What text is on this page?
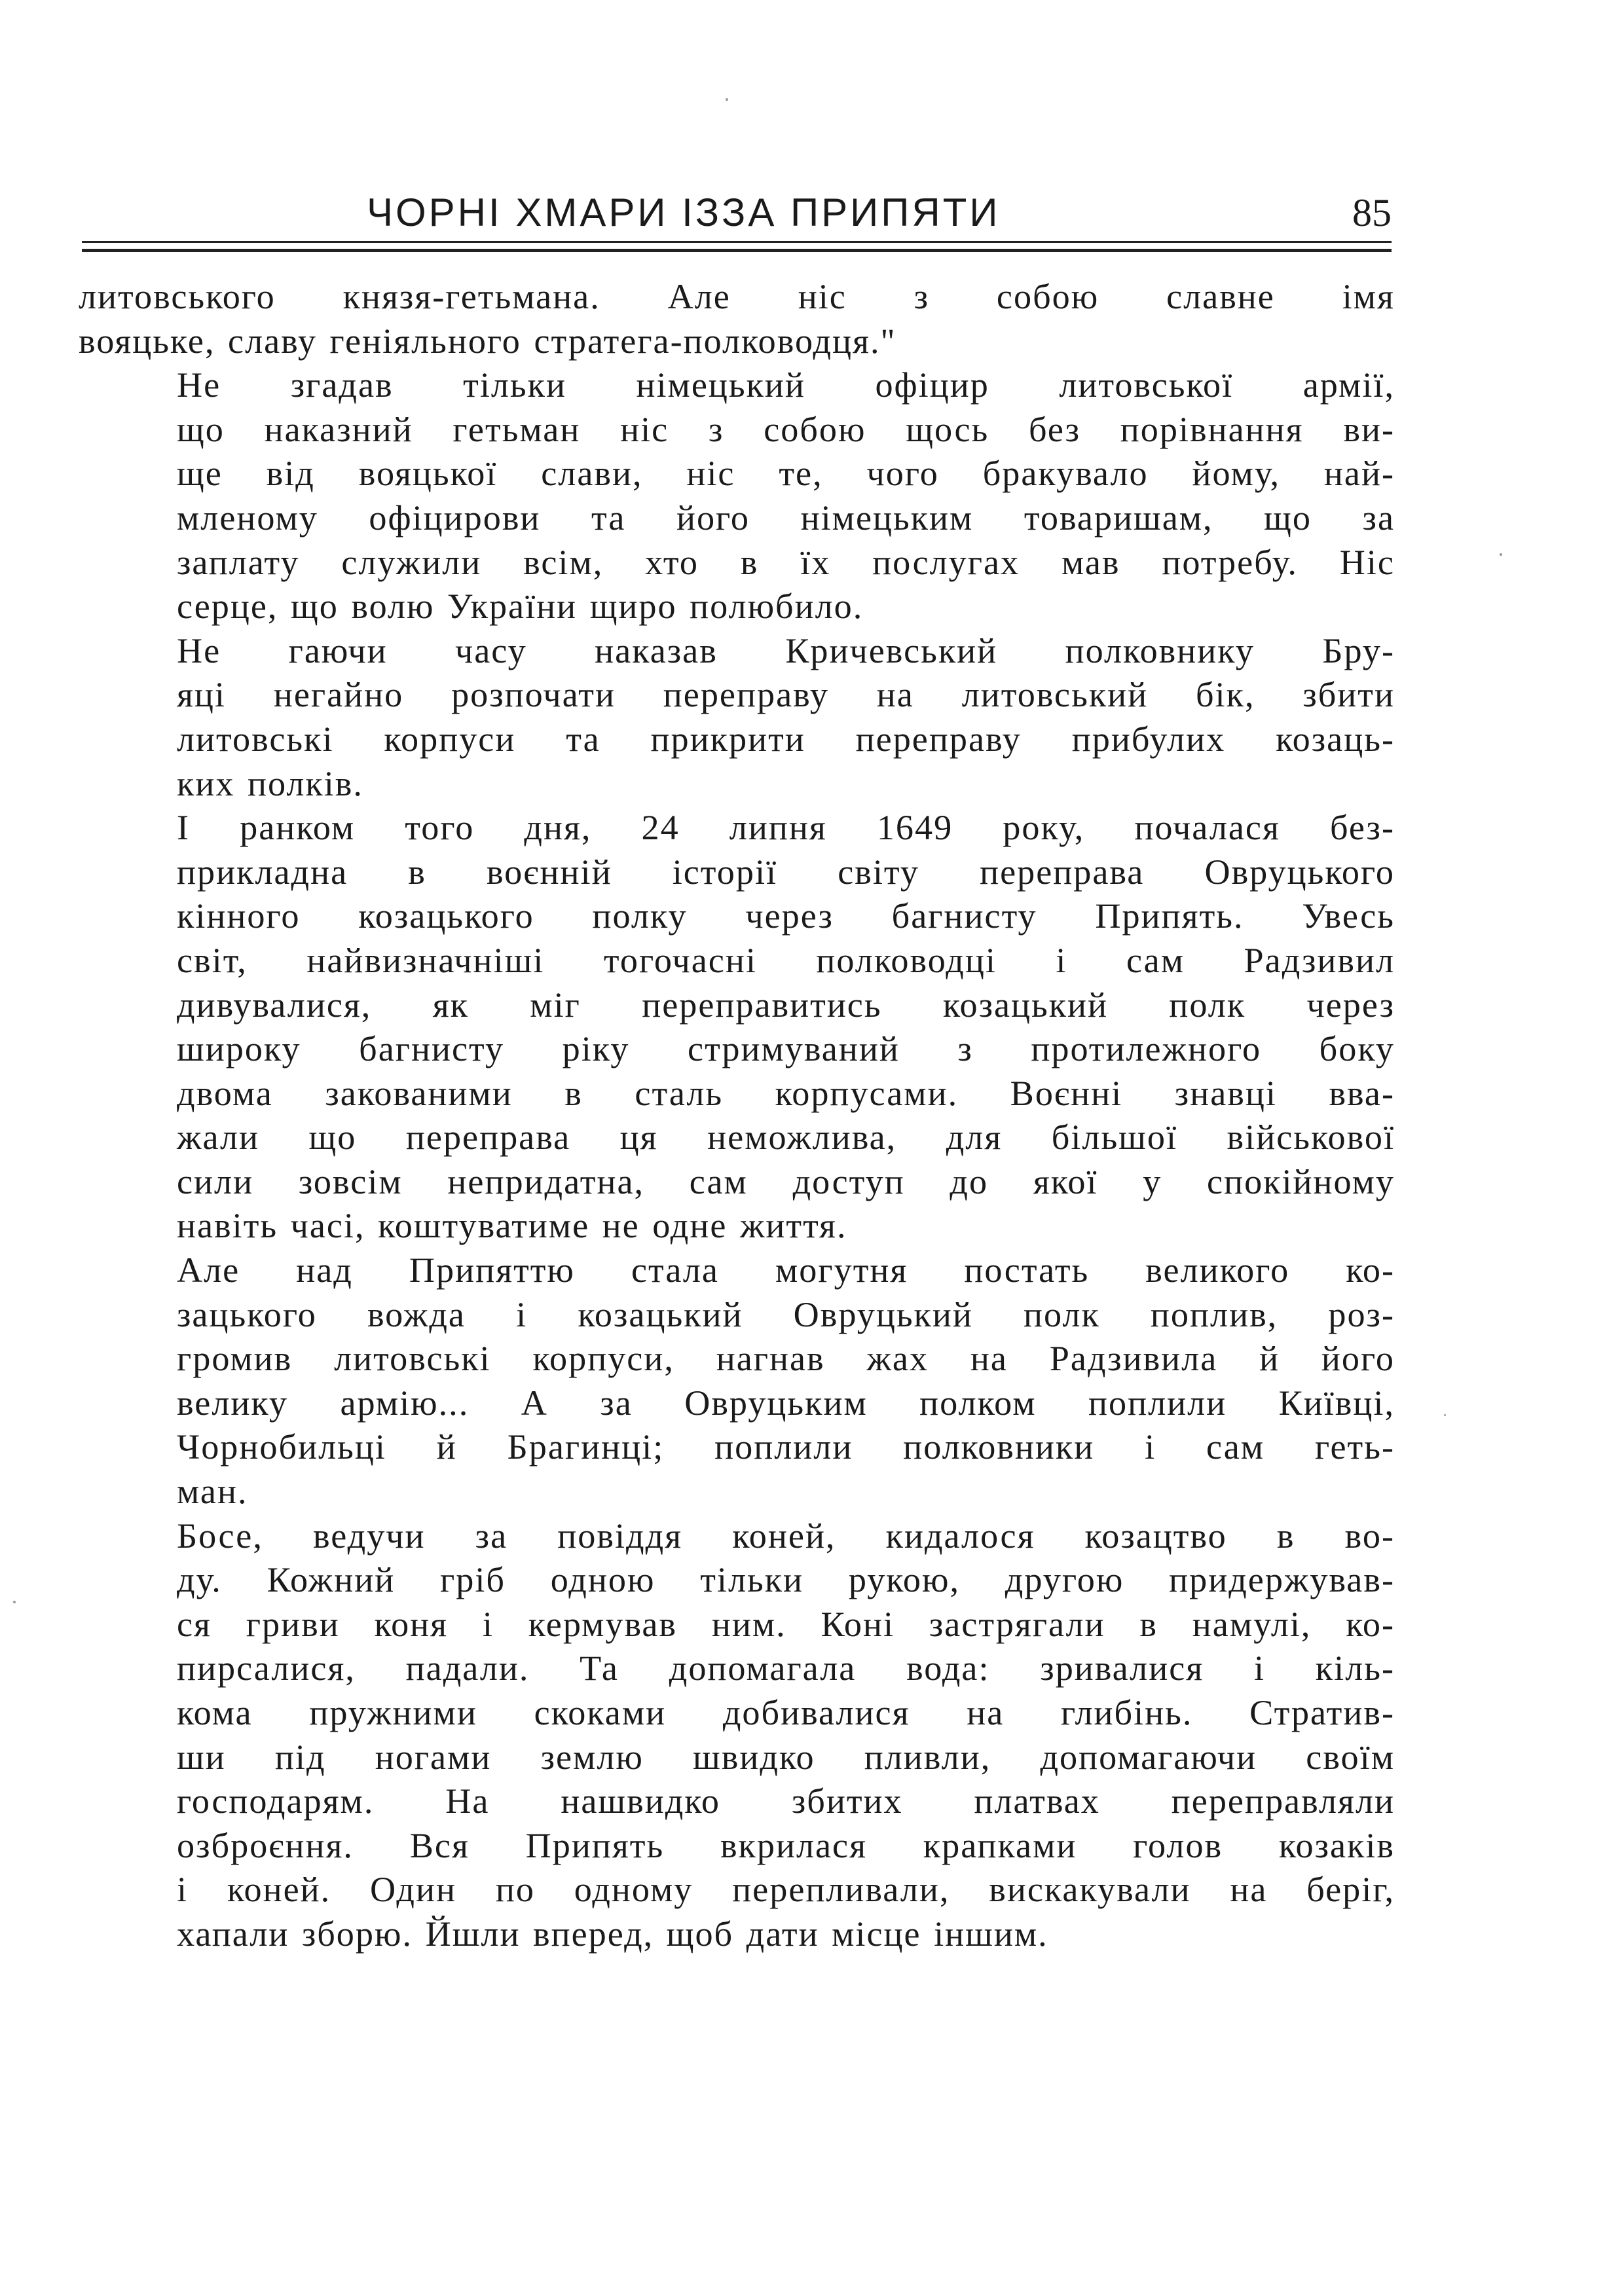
ЧОРНІ ХМАРИ ІЗЗА ПРИПЯТИ	85

литовського князя-гетьмана. Але ніс з собою славне імя
вояцьке, славу геніяльного стратега-полководця."

Не згадав тільки німецький офіцир литовської армії,
що наказний гетьман ніс з собою щось без порівнання ви-
ще від вояцької слави, ніс те, чого бракувало йому, най-
мленому офіцирови та його німецьким товаришам, що за
заплату служили всім, хто в їх послугах мав потребу. Ніс
серце, що волю України щиро полюбило.

Не гаючи часу наказав Кричевський полковнику Бру-
яці негайно розпочати переправу на литовський бік, збити
литовські корпуси та прикрити переправу прибулих козаць-
ких полків.

І ранком того дня, 24 липня 1649 року, почалася без-
прикладна в воєнній історії світу переправа Овруцького
кінного козацького полку через багнисту Припять. Увесь
світ, найвизначніші тогочасні полководці і сам Радзивил
дивувалися, як міг переправитись козацький полк через
широку багнисту ріку стримуваний з протилежного боку
двома закованими в сталь корпусами. Воєнні знавці вва-
жали що переправа ця неможлива, для більшої військової
сили зовсім непридатна, сам доступ до якої у спокійному
навіть часі, коштуватиме не одне життя.

Але над Припяттю стала могутня постать великого ко-
зацького вожда і козацький Овруцький полк поплив, роз-
громив литовські корпуси, нагнав жах на Радзивила й його
велику армію... А за Овруцьким полком поплили Київці,
Чорнобильці й Брагинці; поплили полковники і сам геть-
ман.

Босе, ведучи за повіддя коней, кидалося козацтво в во-
ду. Кожний гріб одною тільки рукою, другою придержував-
ся гриви коня і кермував ним. Коні застрягали в намулі, ко-
пирсалися, падали. Та допомагала вода: зривалися і кіль-
кома пружними скоками добивалися на глибінь. Стратив-
ши під ногами землю швидко пливли, допомагаючи своїм
господарям. На нашвидко збитих платвах переправляли
озброєння. Вся Припять вкрилася крапками голов козаків
і коней. Один по одному перепливали, вискакували на беріг,
хапали зборю. Йшли вперед, щоб дати місце іншим.
